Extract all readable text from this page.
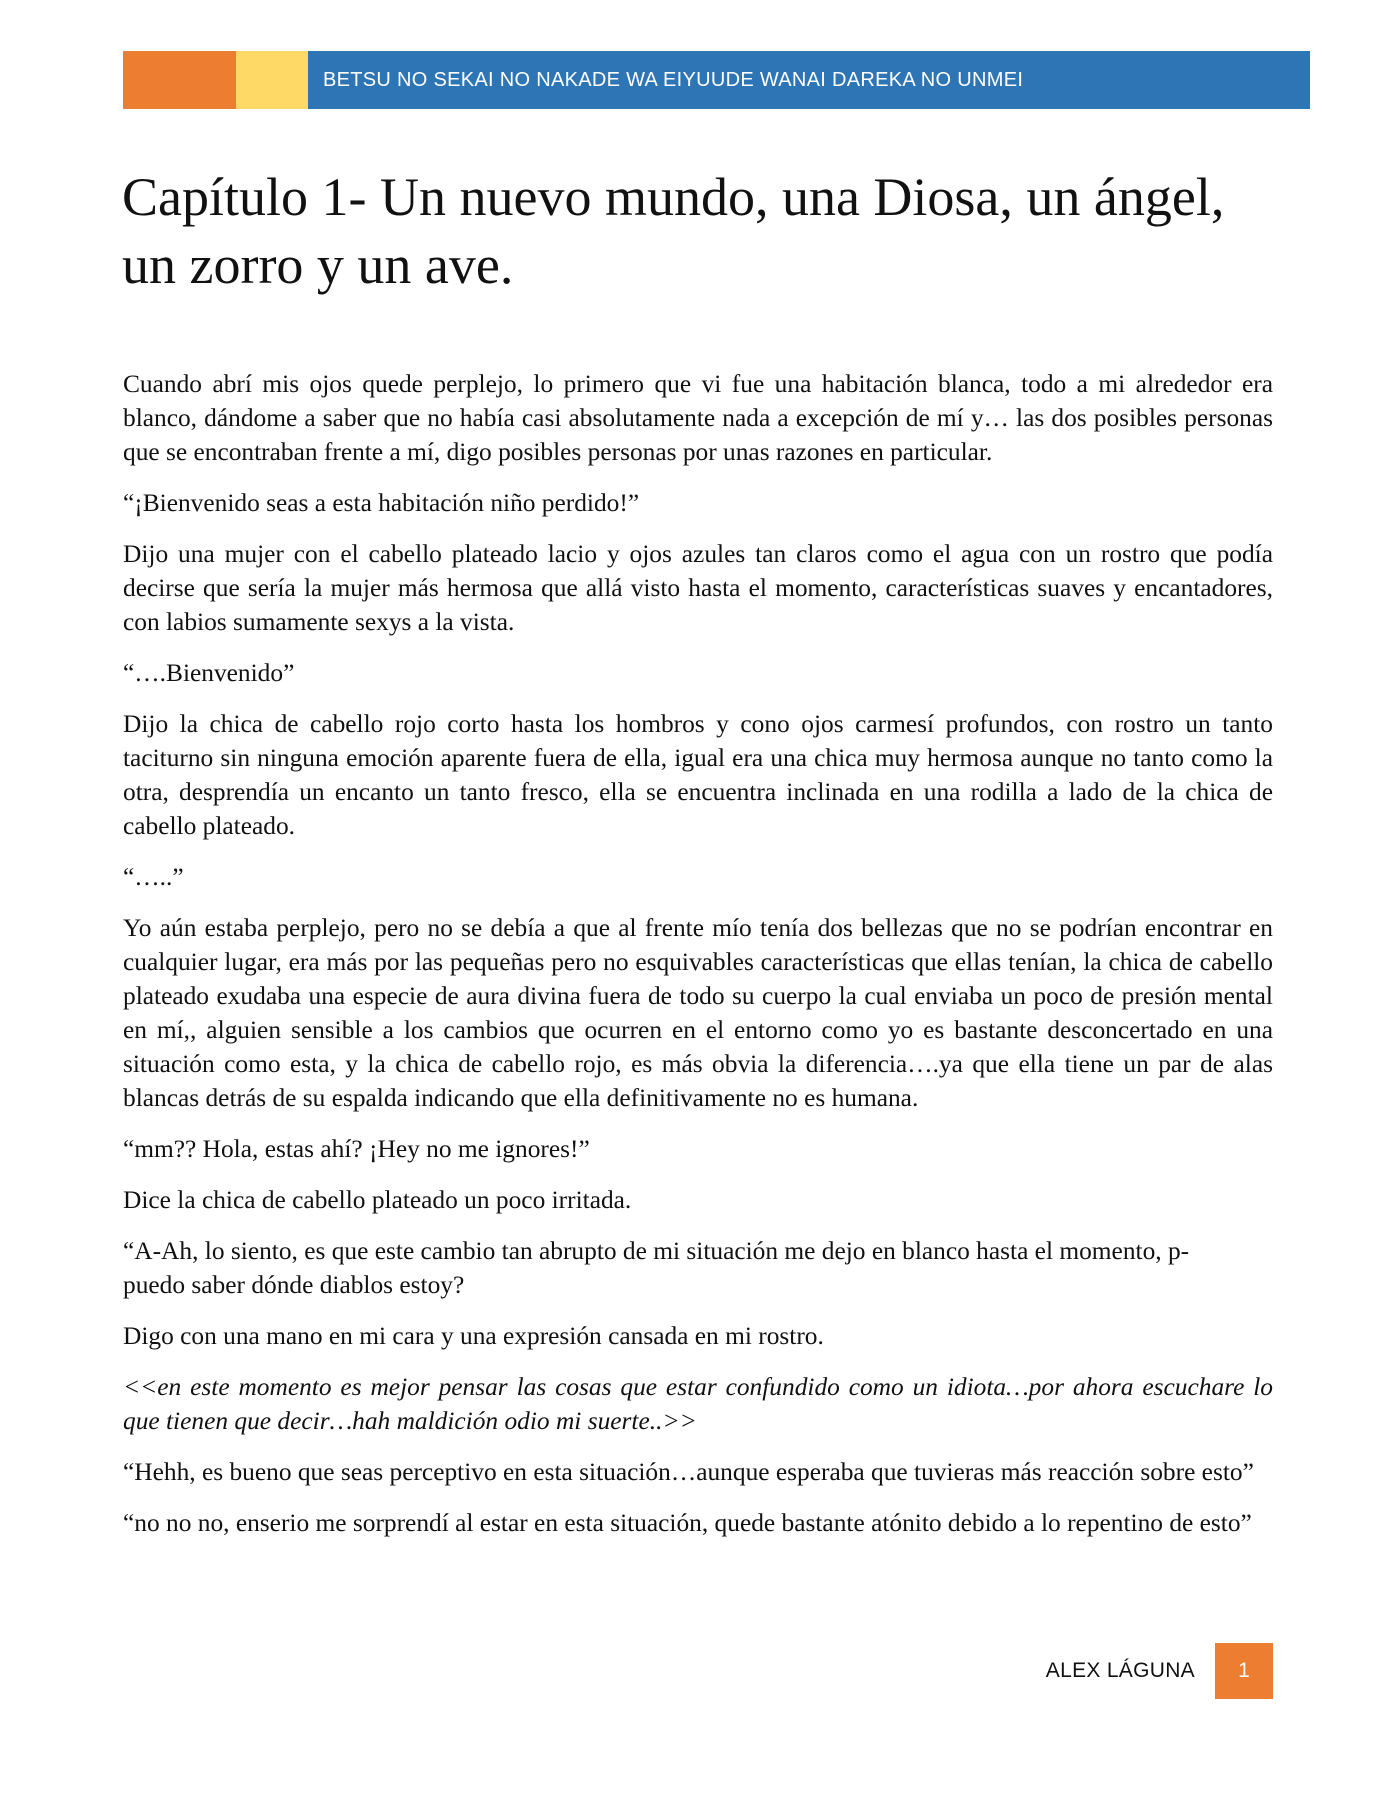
BETSU NO SEKAI NO NAKADE WA EIYUUDE WANAI DAREKA NO UNMEI
Capítulo 1- Un nuevo mundo, una Diosa, un ángel, un zorro y un ave.

Cuando abrí mis ojos quede perplejo, lo primero que vi fue una habitación blanca, todo a mi alrededor era blanco, dándome a saber que no había casi absolutamente nada a excepción de mí y… las dos posibles personas que se encontraban frente a mí, digo posibles personas por unas razones en particular.

“¡Bienvenido seas a esta habitación niño perdido!”

Dijo una mujer con el cabello plateado lacio y ojos azules tan claros como el agua con un rostro que podía decirse que sería la mujer más hermosa que allá visto hasta el momento, características suaves y encantadores, con labios sumamente sexys a la vista.

“….Bienvenido”

Dijo la chica de cabello rojo corto hasta los hombros y cono ojos carmesí profundos, con rostro un tanto taciturno sin ninguna emoción aparente fuera de ella, igual era una chica muy hermosa aunque no tanto como la otra, desprendía un encanto un tanto fresco, ella se encuentra inclinada en una rodilla a lado de la chica de cabello plateado.

“…..”

Yo aún estaba perplejo, pero no se debía a que al frente mío tenía dos bellezas que no se podrían encontrar en cualquier lugar, era más por las pequeñas pero no esquivables características que ellas tenían, la chica de cabello plateado exudaba una especie de aura divina fuera de todo su cuerpo la cual enviaba un poco de presión mental en mí,, alguien sensible a los cambios que ocurren en el entorno como yo es bastante desconcertado en una situación como esta, y la chica de cabello rojo, es más obvia la diferencia….ya que ella tiene un par de alas blancas detrás de su espalda indicando que ella definitivamente no es humana.

“mm?? Hola, estas ahí? ¡Hey no me ignores!”

Dice la chica de cabello plateado un poco irritada.

“A-Ah, lo siento, es que este cambio tan abrupto de mi situación me dejo en blanco hasta el momento, p-
puedo saber dónde diablos estoy?

Digo con una mano en mi cara y una expresión cansada en mi rostro.

<<en este momento es mejor pensar las cosas que estar confundido como un idiota…por ahora escuchare lo que tienen que decir…hah maldición odio mi suerte..>>

“Hehh, es bueno que seas perceptivo en esta situación…aunque esperaba que tuvieras más reacción sobre esto”

“no no no, enserio me sorprendí al estar en esta situación, quede bastante atónito debido a lo repentino de esto”

ALEX LÁGUNA	1
